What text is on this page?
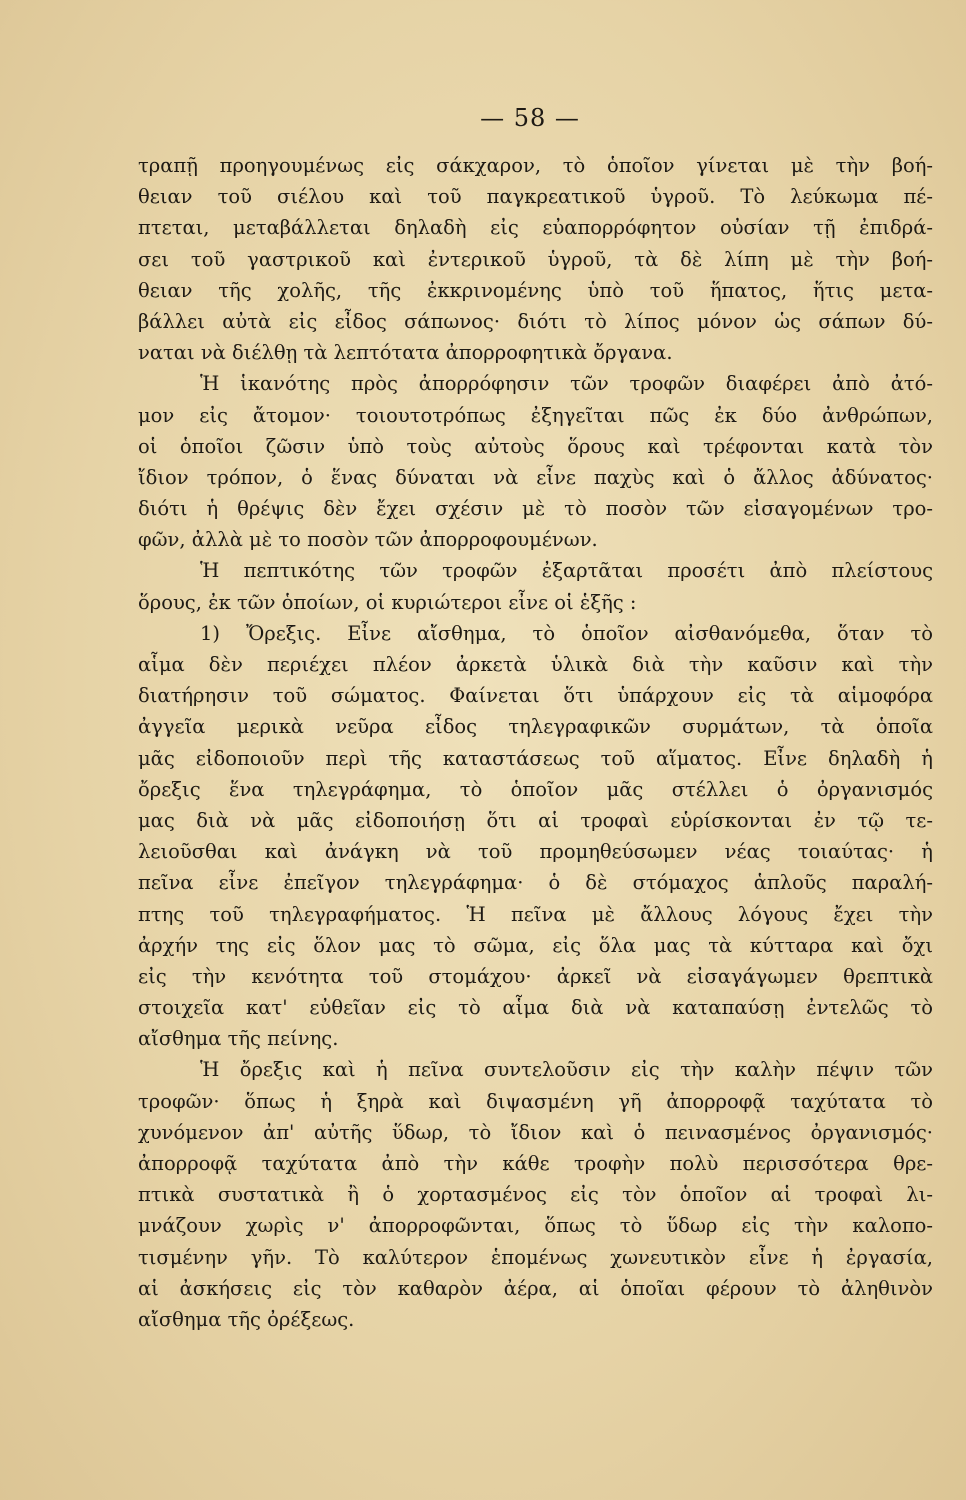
— 58 —
τραπῇ προηγουμένως εἰς σάκχαρον, τὸ ὁποῖον γίνεται μὲ τὴν βοή-
θειαν τοῦ σιέλου καὶ τοῦ παγκρεατικοῦ ὑγροῦ. Τὸ λεύκωμα πέ-
πτεται, μεταβάλλεται δηλαδὴ εἰς εὐαπορρόφητον οὐσίαν τῇ ἐπιδρά-
σει τοῦ γαστρικοῦ καὶ ἐντερικοῦ ὑγροῦ, τὰ δὲ λίπη μὲ τὴν βοή-
θειαν τῆς χολῆς, τῆς ἐκκρινομένης ὑπὸ τοῦ ἥπατος, ἥτις μετα-
βάλλει αὐτὰ εἰς εἶδος σάπωνος· διότι τὸ λίπος μόνον ὡς σάπων δύ-
ναται νὰ διέλθῃ τὰ λεπτότατα ἀπορροφητικὰ ὄργανα.
Ἡ ἱκανότης πρὸς ἀπορρόφησιν τῶν τροφῶν διαφέρει ἀπὸ ἀτό-
μον εἰς ἄτομον· τοιουτοτρόπως ἐξηγεῖται πῶς ἐκ δύο ἀνθρώπων,
οἱ ὁποῖοι ζῶσιν ὑπὸ τοὺς αὐτοὺς ὅρους καὶ τρέφονται κατὰ τὸν
ἴδιον τρόπον, ὁ ἕνας δύναται νὰ εἶνε παχὺς καὶ ὁ ἄλλος ἀδύνατος·
διότι ἡ θρέψις δὲν ἔχει σχέσιν μὲ τὸ ποσὸν τῶν εἰσαγομένων τρο-
φῶν, ἀλλὰ μὲ το ποσὸν τῶν ἀπορροφουμένων.
Ἡ πεπτικότης τῶν τροφῶν ἐξαρτᾶται προσέτι ἀπὸ πλείστους
ὅρους, ἐκ τῶν ὁποίων, οἱ κυριώτεροι εἶνε οἱ ἑξῆς :
1) Ὄρεξις. Εἶνε αἴσθημα, τὸ ὁποῖον αἰσθανόμεθα, ὅταν τὸ
αἷμα δὲν περιέχει πλέον ἀρκετὰ ὑλικὰ διὰ τὴν καῦσιν καὶ τὴν
διατήρησιν τοῦ σώματος. Φαίνεται ὅτι ὑπάρχουν εἰς τὰ αἱμοφόρα
ἀγγεῖα μερικὰ νεῦρα εἶδος τηλεγραφικῶν συρμάτων, τὰ ὁποῖα
μᾶς εἰδοποιοῦν περὶ τῆς καταστάσεως τοῦ αἵματος. Εἶνε δηλαδὴ ἡ
ὄρεξις ἕνα τηλεγράφημα, τὸ ὁποῖον μᾶς στέλλει ὁ ὀργανισμός
μας διὰ νὰ μᾶς εἰδοποιήσῃ ὅτι αἱ τροφαὶ εὑρίσκονται ἐν τῷ τε-
λειοῦσθαι καὶ ἀνάγκη νὰ τοῦ προμηθεύσωμεν νέας τοιαύτας· ἡ
πεῖνα εἶνε ἐπεῖγον τηλεγράφημα· ὁ δὲ στόμαχος ἁπλοῦς παραλή-
πτης τοῦ τηλεγραφήματος. Ἡ πεῖνα μὲ ἄλλους λόγους ἔχει τὴν
ἀρχήν της εἰς ὅλον μας τὸ σῶμα, εἰς ὅλα μας τὰ κύτταρα καὶ ὄχι
εἰς τὴν κενότητα τοῦ στομάχου· ἀρκεῖ νὰ εἰσαγάγωμεν θρεπτικὰ
στοιχεῖα κατ' εὐθεῖαν εἰς τὸ αἷμα διὰ νὰ καταπαύσῃ ἐντελῶς τὸ
αἴσθημα τῆς πείνης.
Ἡ ὄρεξις καὶ ἡ πεῖνα συντελοῦσιν εἰς τὴν καλὴν πέψιν τῶν
τροφῶν· ὅπως ἡ ξηρὰ καὶ διψασμένη γῆ ἀπορροφᾷ ταχύτατα τὸ
χυνόμενον ἀπ' αὐτῆς ὕδωρ, τὸ ἴδιον καὶ ὁ πεινασμένος ὀργανισμός·
ἀπορροφᾷ ταχύτατα ἀπὸ τὴν κάθε τροφὴν πολὺ περισσότερα θρε-
πτικὰ συστατικὰ ἢ ὁ χορτασμένος εἰς τὸν ὁποῖον αἱ τροφαὶ λι-
μνάζουν χωρὶς ν' ἀπορροφῶνται, ὅπως τὸ ὕδωρ εἰς τὴν καλοπο-
τισμένην γῆν. Τὸ καλύτερον ἑπομένως χωνευτικὸν εἶνε ἡ ἐργασία,
αἱ ἀσκήσεις εἰς τὸν καθαρὸν ἀέρα, αἱ ὁποῖαι φέρουν τὸ ἀληθινὸν
αἴσθημα τῆς ὀρέξεως.
